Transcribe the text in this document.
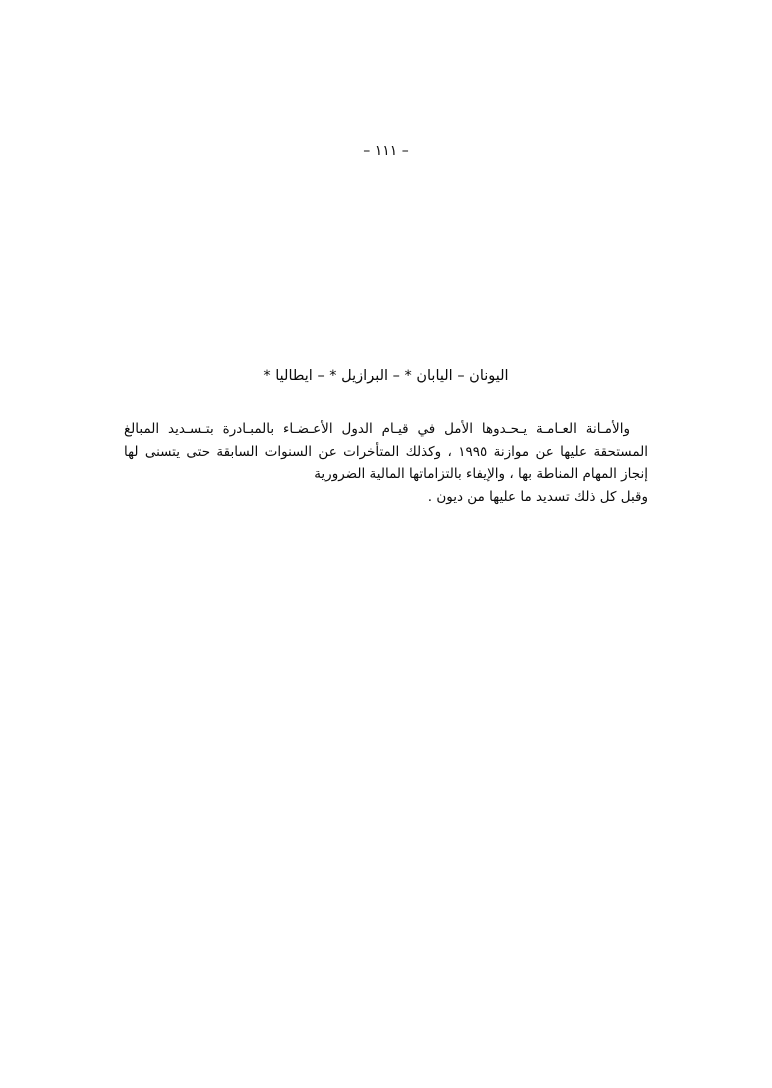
– ١١١ –
اليونان – اليابان * – البرازيل * – ايطاليا *
والأمـانة العـامـة يـحـدوها الأمل في قيـام الدول الأعـضـاء بالمبـادرة بتـسـديد المبالغ المستحقة عليها عن موازنة ١٩٩٥ ، وكذلك المتأخرات عن السنوات السابقة حتى يتسنى لها إنجاز المهام المناطة بها ، والإيفاء بالتزاماتها المالية الضرورية
وقبل كل ذلك تسديد ما عليها من ديون .
